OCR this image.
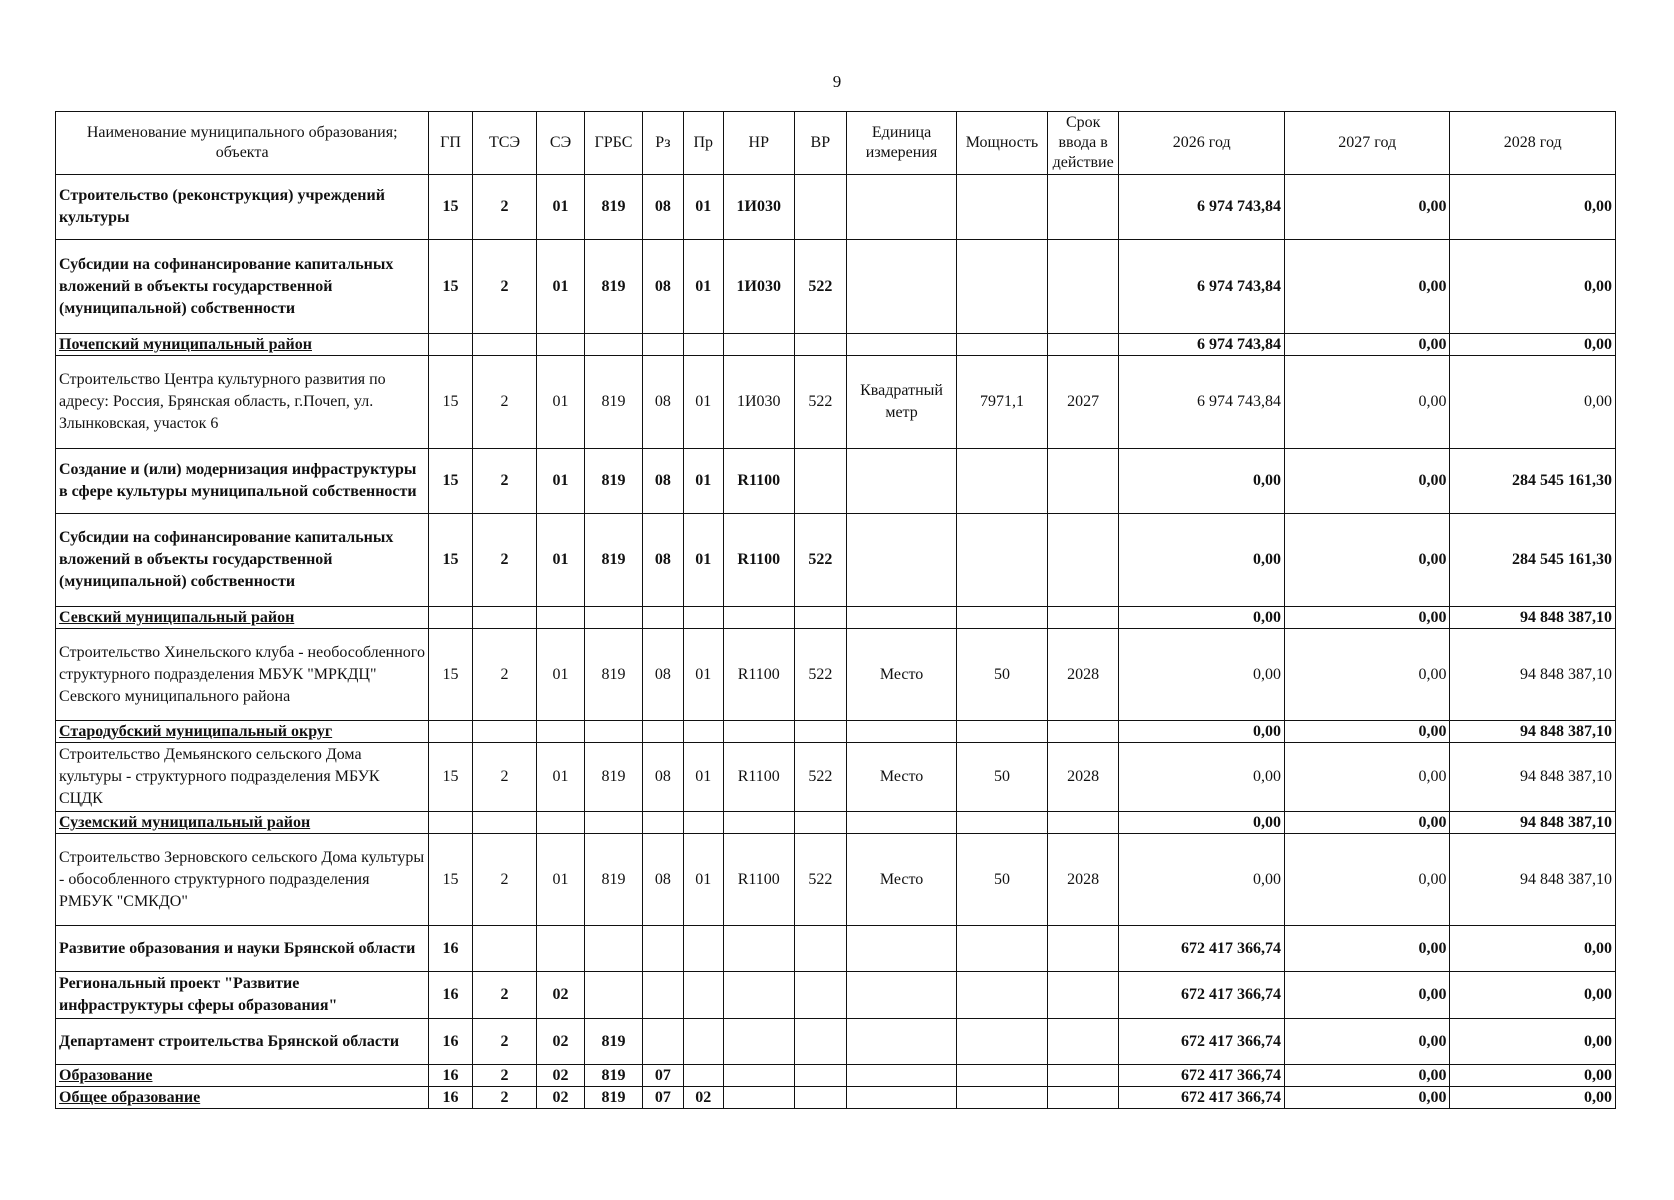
9
Наименование муниципального образования; объекта	ГП	ТСЭ	СЭ	ГРБС	Рз	Пр	НР	ВР	Единица измерения	Мощность	Срок ввода в действие	2026 год	2027 год	2028 год
Строительство (реконструкция) учреждений культуры	15	2	01	819	08	01	1И030					6 974 743,84	0,00	0,00
Субсидии на софинансирование капитальных вложений в объекты государственной (муниципальной) собственности	15	2	01	819	08	01	1И030	522				6 974 743,84	0,00	0,00
Почепский муниципальный район												6 974 743,84	0,00	0,00
Строительство Центра культурного развития по адресу: Россия, Брянская область, г.Почеп, ул. Злынковская, участок 6	15	2	01	819	08	01	1И030	522	Квадратный метр	7971,1	2027	6 974 743,84	0,00	0,00
Создание и (или) модернизация инфраструктуры в сфере культуры муниципальной собственности	15	2	01	819	08	01	R1100					0,00	0,00	284 545 161,30
Субсидии на софинансирование капитальных вложений в объекты государственной (муниципальной) собственности	15	2	01	819	08	01	R1100	522				0,00	0,00	284 545 161,30
Севский муниципальный район												0,00	0,00	94 848 387,10
Строительство Хинельского клуба - необособленного структурного подразделения МБУК "МРКДЦ" Севского муниципального района	15	2	01	819	08	01	R1100	522	Место	50	2028	0,00	0,00	94 848 387,10
Стародубский муниципальный округ												0,00	0,00	94 848 387,10
Строительство Демьянского сельского Дома культуры - структурного подразделения МБУК СЦДК	15	2	01	819	08	01	R1100	522	Место	50	2028	0,00	0,00	94 848 387,10
Суземский муниципальный район												0,00	0,00	94 848 387,10
Строительство Зерновского сельского Дома культуры - обособленного структурного подразделения РМБУК "СМКДО"	15	2	01	819	08	01	R1100	522	Место	50	2028	0,00	0,00	94 848 387,10
Развитие образования и науки Брянской области	16											672 417 366,74	0,00	0,00
Региональный проект "Развитие инфраструктуры сферы образования"	16	2	02									672 417 366,74	0,00	0,00
Департамент строительства Брянской области	16	2	02	819								672 417 366,74	0,00	0,00
Образование	16	2	02	819	07							672 417 366,74	0,00	0,00
Общее образование	16	2	02	819	07	02						672 417 366,74	0,00	0,00
